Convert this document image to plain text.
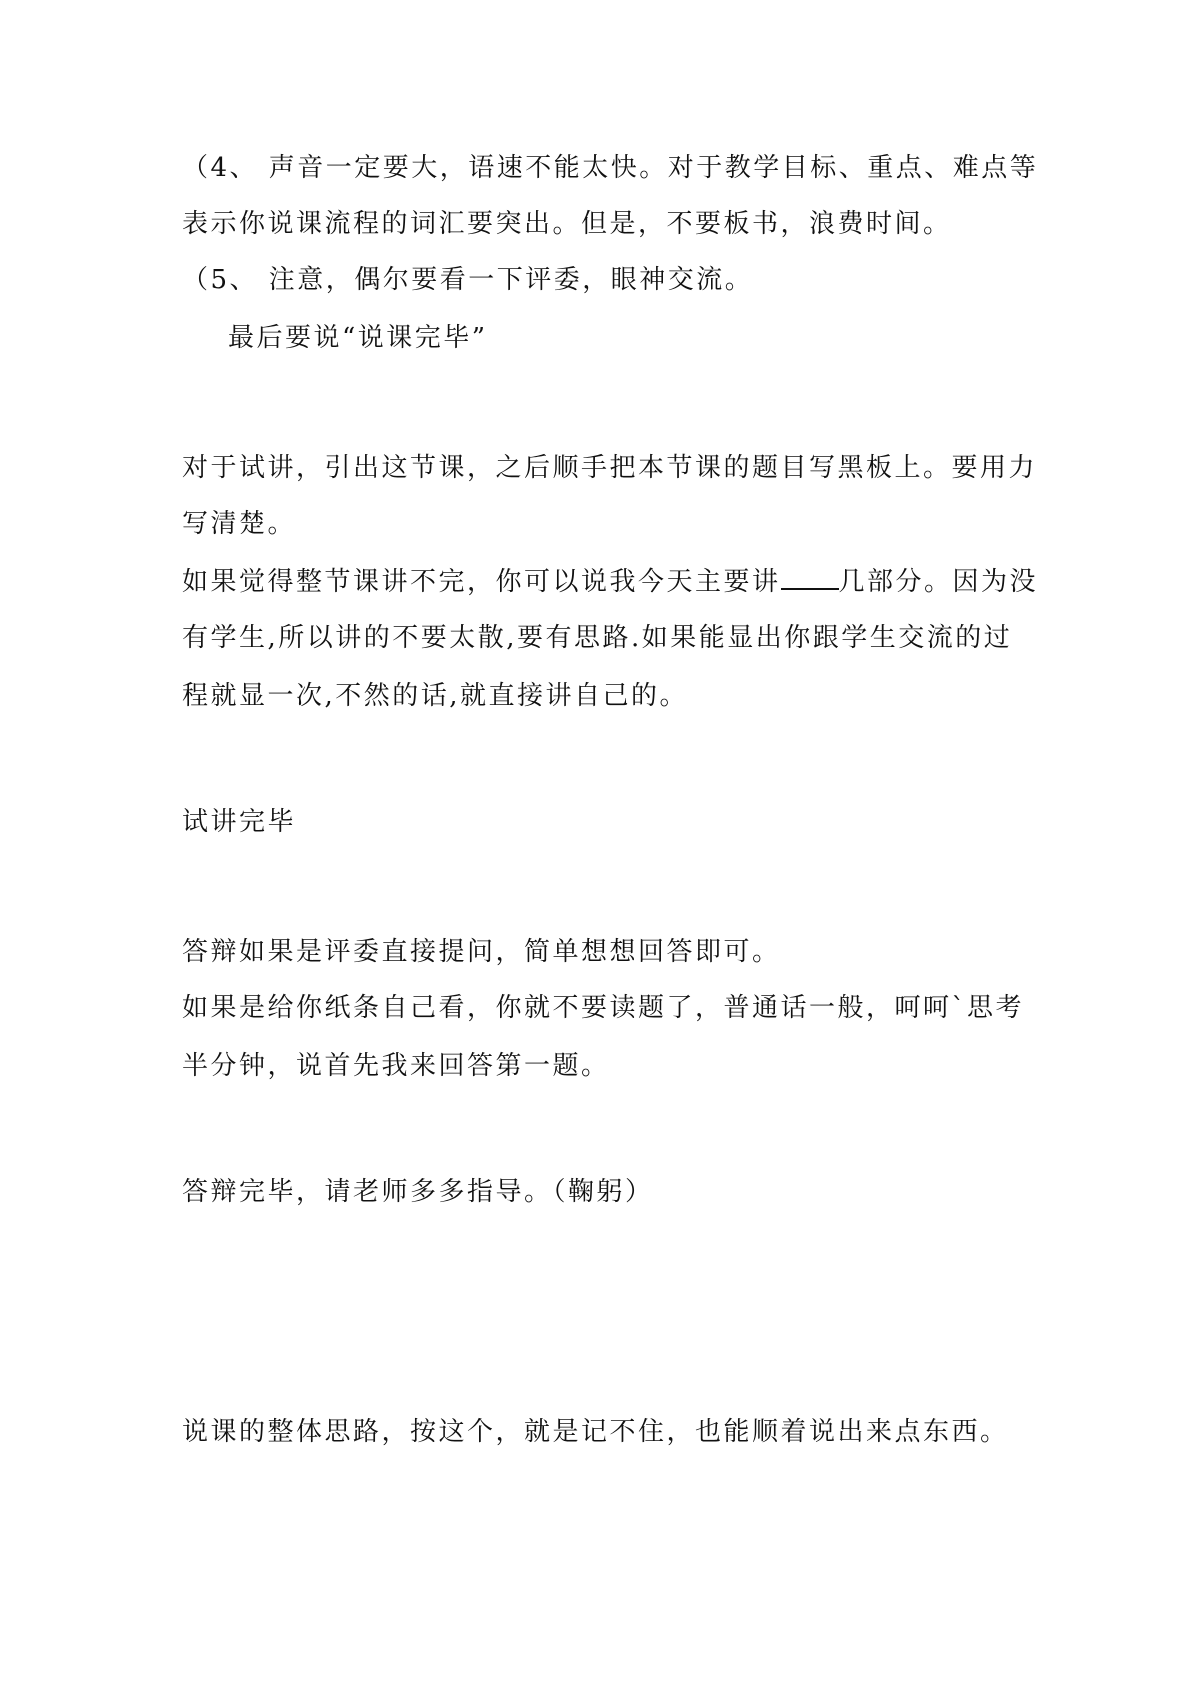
（4、 声音一定要大，语速不能太快。对于教学目标、重点、难点等
表示你说课流程的词汇要突出。但是，不要板书，浪费时间。
（5、 注意，偶尔要看一下评委，眼神交流。
最后要说“说课完毕”
对于试讲，引出这节课，之后顺手把本节课的题目写黑板上。要用力
写清楚。
如果觉得整节课讲不完，你可以说我今天主要讲 几部分。因为没
有学生,所以讲的不要太散,要有思路.如果能显出你跟学生交流的过
程就显一次,不然的话,就直接讲自己的。
试讲完毕
答辩如果是评委直接提问，简单想想回答即可。
如果是给你纸条自己看，你就不要读题了，普通话一般，呵呵`思考
半分钟，说首先我来回答第一题。
答辩完毕，请老师多多指导。（鞠躬）
说课的整体思路，按这个，就是记不住，也能顺着说出来点东西。
